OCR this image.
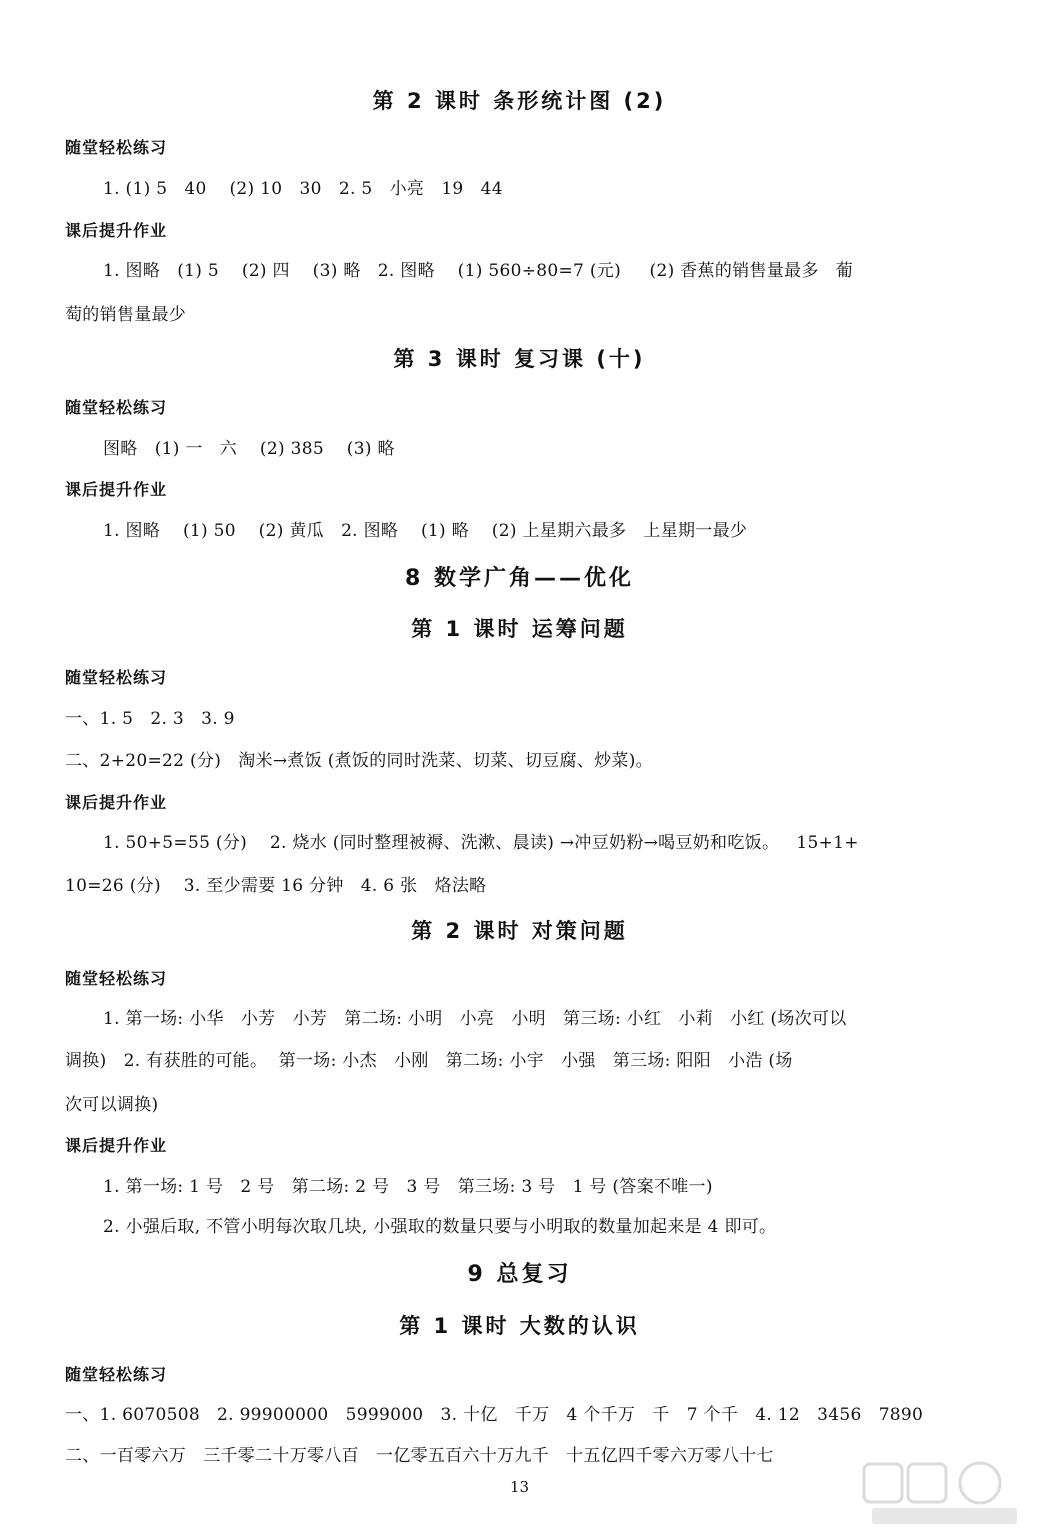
第 2 课时 条形统计图 (2)
随堂轻松练习
1. (1) 5   40    (2) 10   30   2. 5   小亮   19   44
课后提升作业
1. 图略   (1) 5    (2) 四    (3) 略   2. 图略    (1) 560÷80=7 (元)     (2) 香蕉的销售量最多   葡
萄的销售量最少
第 3 课时 复习课 (十)
随堂轻松练习
图略   (1) 一   六    (2) 385    (3) 略
课后提升作业
1. 图略    (1) 50    (2) 黄瓜   2. 图略    (1) 略    (2) 上星期六最多   上星期一最少
8 数学广角——优化
第 1 课时 运筹问题
随堂轻松练习
一、1. 5   2. 3   3. 9
二、2+20=22 (分)   淘米→煮饭 (煮饭的同时洗菜、切菜、切豆腐、炒菜)。
课后提升作业
1. 50+5=55 (分)    2. 烧水 (同时整理被褥、洗漱、晨读) →冲豆奶粉→喝豆奶和吃饭。   15+1+
10=26 (分)    3. 至少需要 16 分钟   4. 6 张   烙法略
第 2 课时 对策问题
随堂轻松练习
1. 第一场: 小华   小芳   小芳   第二场: 小明   小亮   小明   第三场: 小红   小莉   小红 (场次可以
调换)   2. 有获胜的可能。  第一场: 小杰   小刚   第二场: 小宇   小强   第三场: 阳阳   小浩 (场
次可以调换)
课后提升作业
1. 第一场: 1 号   2 号   第二场: 2 号   3 号   第三场: 3 号   1 号 (答案不唯一)
2. 小强后取, 不管小明每次取几块, 小强取的数量只要与小明取的数量加起来是 4 即可。
9 总复习
第 1 课时 大数的认识
随堂轻松练习
一、1. 6070508   2. 99900000   5999000   3. 十亿   千万   4 个千万   千   7 个千   4. 12   3456   7890
二、一百零六万   三千零二十万零八百   一亿零五百六十万九千   十五亿四千零六万零八十七
13
